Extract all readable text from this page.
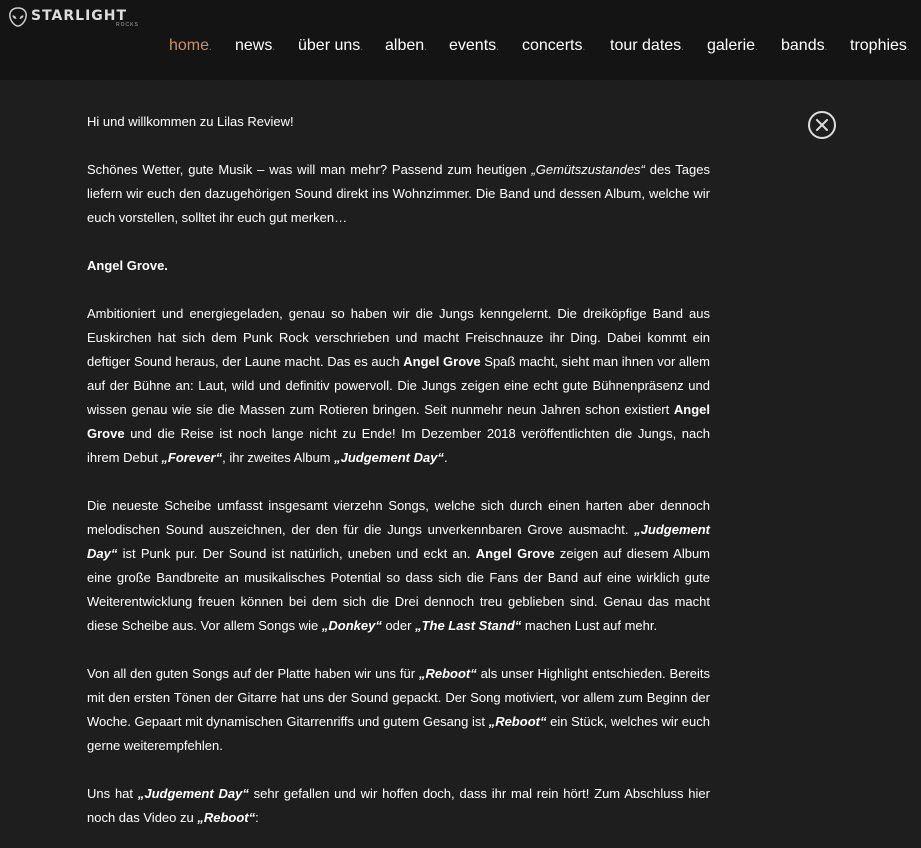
STARLIGHT
ROCKS
home. news. über uns. alben. events. concerts. tour dates. galerie. bands. trophies.

Hi und willkommen zu Lilas Review!

Schönes Wetter, gute Musik – was will man mehr? Passend zum heutigen „Gemütszustandes“ des Tages liefern wir euch den dazugehörigen Sound direkt ins Wohnzimmer. Die Band und dessen Album, welche wir euch vorstellen, solltet ihr euch gut merken…

Angel Grove.

Ambitioniert und energiegeladen, genau so haben wir die Jungs kenngelernt. Die dreiköpfige Band aus Euskirchen hat sich dem Punk Rock verschrieben und macht Freischnauze ihr Ding. Dabei kommt ein deftiger Sound heraus, der Laune macht. Das es auch Angel Grove Spaß macht, sieht man ihnen vor allem auf der Bühne an: Laut, wild und definitiv powervoll. Die Jungs zeigen eine echt gute Bühnenpräsenz und wissen genau wie sie die Massen zum Rotieren bringen. Seit nunmehr neun Jahren schon existiert Angel Grove und die Reise ist noch lange nicht zu Ende! Im Dezember 2018 veröffentlichten die Jungs, nach ihrem Debut „Forever“, ihr zweites Album „Judgement Day“.

Die neueste Scheibe umfasst insgesamt vierzehn Songs, welche sich durch einen harten aber dennoch melodischen Sound auszeichnen, der den für die Jungs unverkennbaren Grove ausmacht. „Judgement Day“ ist Punk pur. Der Sound ist natürlich, uneben und eckt an. Angel Grove zeigen auf diesem Album eine große Bandbreite an musikalisches Potential so dass sich die Fans der Band auf eine wirklich gute Weiterentwicklung freuen können bei dem sich die Drei dennoch treu geblieben sind. Genau das macht diese Scheibe aus. Vor allem Songs wie „Donkey“ oder „The Last Stand“ machen Lust auf mehr.

Von all den guten Songs auf der Platte haben wir uns für „Reboot“ als unser Highlight entschieden. Bereits mit den ersten Tönen der Gitarre hat uns der Sound gepackt. Der Song motiviert, vor allem zum Beginn der Woche. Gepaart mit dynamischen Gitarrenriffs und gutem Gesang ist „Reboot“ ein Stück, welches wir euch gerne weiterempfehlen.

Uns hat „Judgement Day“ sehr gefallen und wir hoffen doch, dass ihr mal rein hört! Zum Abschluss hier noch das Video zu „Reboot“:
